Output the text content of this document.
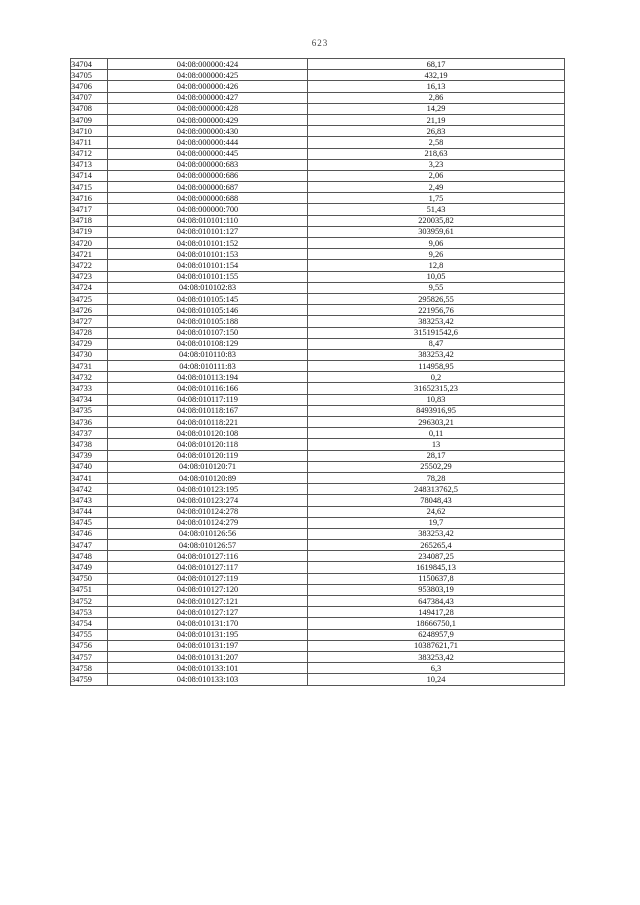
623
34704	04:08:000000:424	68,17
34705	04:08:000000:425	432,19
34706	04:08:000000:426	16,13
34707	04:08:000000:427	2,86
34708	04:08:000000:428	14,29
34709	04:08:000000:429	21,19
34710	04:08:000000:430	26,83
34711	04:08:000000:444	2,58
34712	04:08:000000:445	218,63
34713	04:08:000000:683	3,23
34714	04:08:000000:686	2,06
34715	04:08:000000:687	2,49
34716	04:08:000000:688	1,75
34717	04:08:000000:700	51,43
34718	04:08:010101:110	220035,82
34719	04:08:010101:127	303959,61
34720	04:08:010101:152	9,06
34721	04:08:010101:153	9,26
34722	04:08:010101:154	12,8
34723	04:08:010101:155	10,05
34724	04:08:010102:83	9,55
34725	04:08:010105:145	295826,55
34726	04:08:010105:146	221956,76
34727	04:08:010105:188	383253,42
34728	04:08:010107:150	315191542,6
34729	04:08:010108:129	8,47
34730	04:08:010110:83	383253,42
34731	04:08:010111:83	114958,95
34732	04:08:010113:194	0,2
34733	04:08:010116:166	31652315,23
34734	04:08:010117:119	10,83
34735	04:08:010118:167	8493916,95
34736	04:08:010118:221	296303,21
34737	04:08:010120:108	0,11
34738	04:08:010120:118	13
34739	04:08:010120:119	28,17
34740	04:08:010120:71	25502,29
34741	04:08:010120:89	78,28
34742	04:08:010123:195	248313762,5
34743	04:08:010123:274	78048,43
34744	04:08:010124:278	24,62
34745	04:08:010124:279	19,7
34746	04:08:010126:56	383253,42
34747	04:08:010126:57	265265,4
34748	04:08:010127:116	234087,25
34749	04:08:010127:117	1619845,13
34750	04:08:010127:119	1150637,8
34751	04:08:010127:120	953803,19
34752	04:08:010127:121	647384,43
34753	04:08:010127:127	149417,28
34754	04:08:010131:170	18666750,1
34755	04:08:010131:195	6248957,9
34756	04:08:010131:197	10387621,71
34757	04:08:010131:207	383253,42
34758	04:08:010133:101	6,3
34759	04:08:010133:103	10,24
